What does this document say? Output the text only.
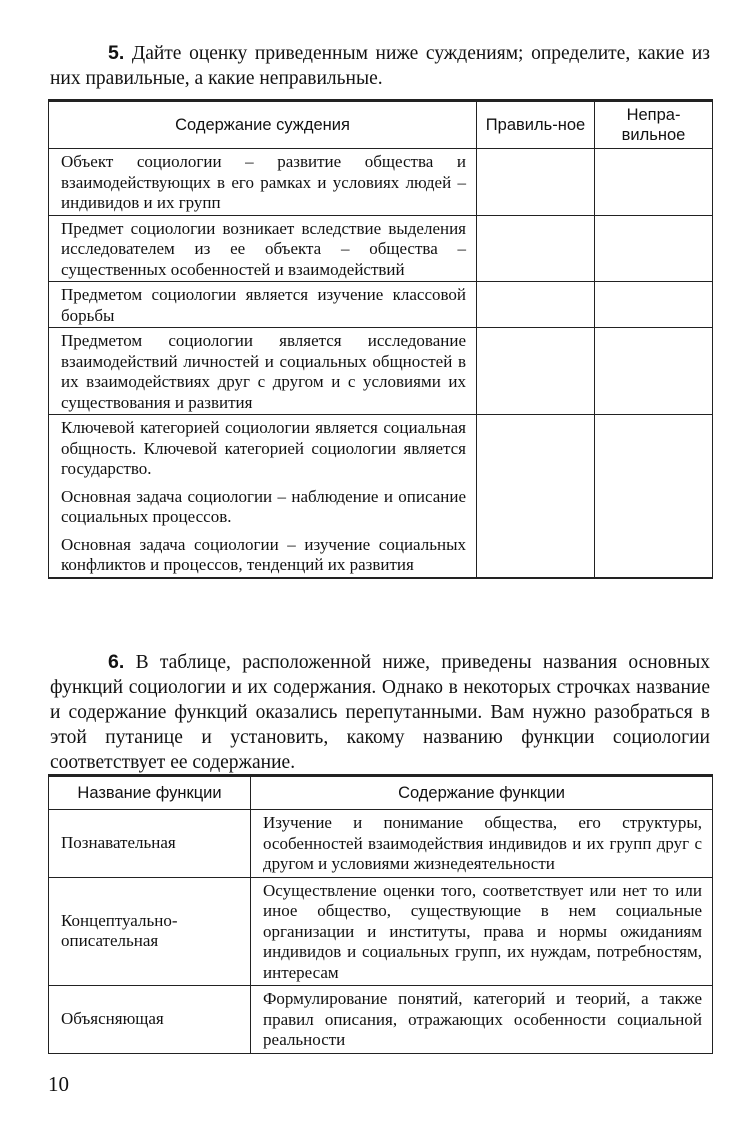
5. Дайте оценку приведенным ниже суждениям; определите, какие из них правильные, а какие неправильные.

Содержание суждения	Правиль-ное	Непра-вильное

Объект социологии – развитие общества и взаимодействующих в его рамках и условиях людей – индивидов и их групп		

Предмет социологии возникает вследствие выделения исследователем из ее объекта – общества – существенных особенностей и взаимодействий		

Предметом социологии является изучение классовой борьбы		

Предметом социологии является исследование взаимодействий личностей и социальных общностей в их взаимодействиях друг с другом и с условиями их существования и развития		

Ключевой категорией социологии является социальная общность. Ключевой категорией социологии является государство.
Основная задача социологии – наблюдение и описание социальных процессов.
Основная задача социологии – изучение социальных конфликтов и процессов, тенденций их развития		

6. В таблице, расположенной ниже, приведены названия основных функций социологии и их содержания. Однако в некоторых строчках название и содержание функций оказались перепутанными. Вам нужно разобраться в этой путанице и установить, какому названию функции социологии соответствует ее содержание.

Название функции	Содержание функции
Познавательная	Изучение и понимание общества, его структуры, особенностей взаимодействия индивидов и их групп друг с другом и условиями жизнедеятельности
Концептуально-описательная	Осуществление оценки того, соответствует или нет то или иное общество, существующие в нем социальные организации и институты, права и нормы ожиданиям индивидов и социальных групп, их нуждам, потребностям, интересам
Объясняющая	Формулирование понятий, категорий и теорий, а также правил описания, отражающих особенности социальной реальности
10
